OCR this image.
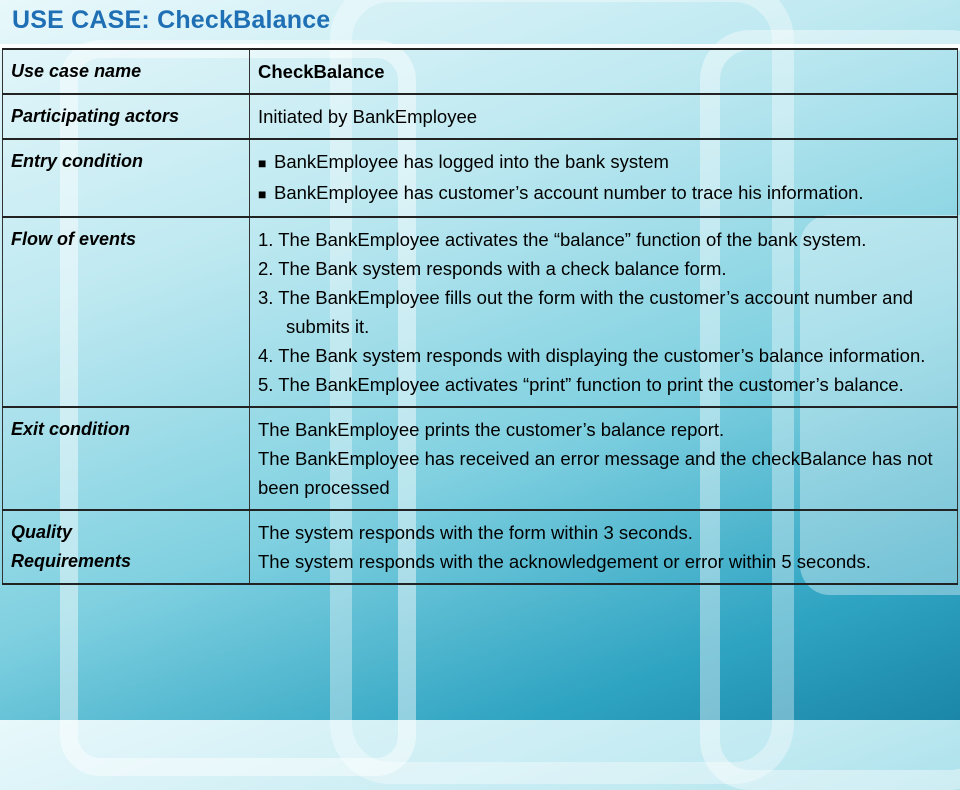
USE CASE: CheckBalance
Use case name	CheckBalance
Participating actors	Initiated by BankEmployee
Entry condition	■ BankEmployee has logged into the bank system
■ BankEmployee has customer’s account number to trace his information.

Flow of events	1. The BankEmployee activates the “balance” function of the bank system.
2. The Bank system responds with a check balance form.
3. The BankEmployee fills out the form with the customer’s account number and submits it.
4. The Bank system responds with displaying the customer’s balance information.
5. The BankEmployee activates “print” function to print the customer’s balance.

Exit condition	The BankEmployee prints the customer’s balance report.
The BankEmployee has received an error message and the checkBalance has not been processed

Quality
Requirements	The system responds with the form within 3 seconds.
The system responds with the acknowledgement or error within 5 seconds.
